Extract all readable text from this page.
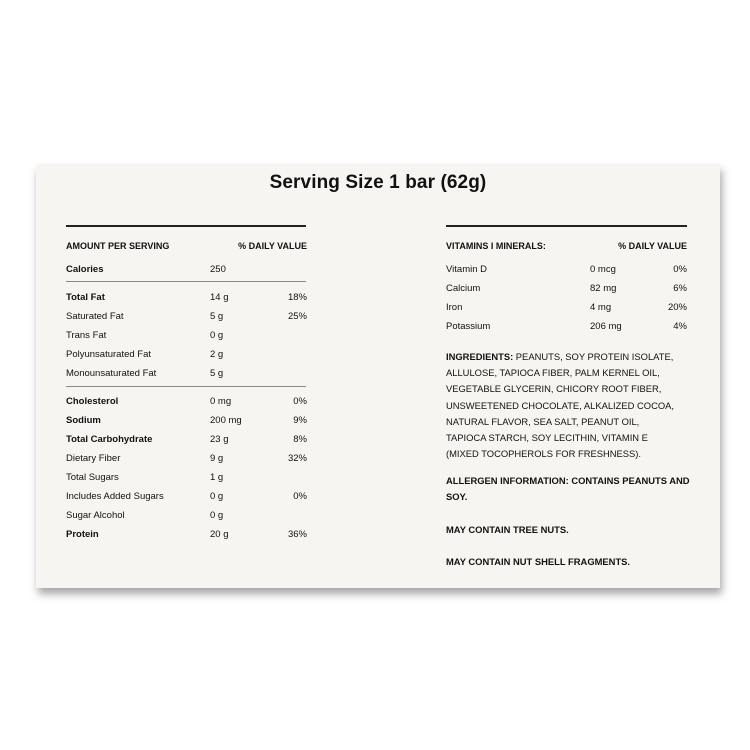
Serving Size 1 bar (62g)
AMOUNT PER SERVING	% DAILY VALUE
Calories	250
Total Fat	14 g	18%
Saturated Fat	5 g	25%
Trans Fat	0 g
Polyunsaturated Fat	2 g
Monounsaturated Fat	5 g
Cholesterol	0 mg	0%
Sodium	200 mg	9%
Total Carbohydrate	23 g	8%
Dietary Fiber	9 g	32%
Total Sugars	1 g
Includes Added Sugars	0 g	0%
Sugar Alcohol	0 g
Protein	20 g	36%
VITAMINS I MINERALS:	% DAILY VALUE
Vitamin D	0 mcg	0%
Calcium	82 mg	6%
Iron	4 mg	20%
Potassium	206 mg	4%
INGREDIENTS: PEANUTS, SOY PROTEIN ISOLATE,
ALLULOSE, TAPIOCA FIBER, PALM KERNEL OIL,
VEGETABLE GLYCERIN, CHICORY ROOT FIBER,
UNSWEETENED CHOCOLATE, ALKALIZED COCOA,
NATURAL FLAVOR, SEA SALT, PEANUT OIL,
TAPIOCA STARCH, SOY LECITHIN, VITAMIN E
(MIXED TOCOPHEROLS FOR FRESHNESS).
ALLERGEN INFORMATION: CONTAINS PEANUTS AND
SOY.
MAY CONTAIN TREE NUTS.
MAY CONTAIN NUT SHELL FRAGMENTS.
